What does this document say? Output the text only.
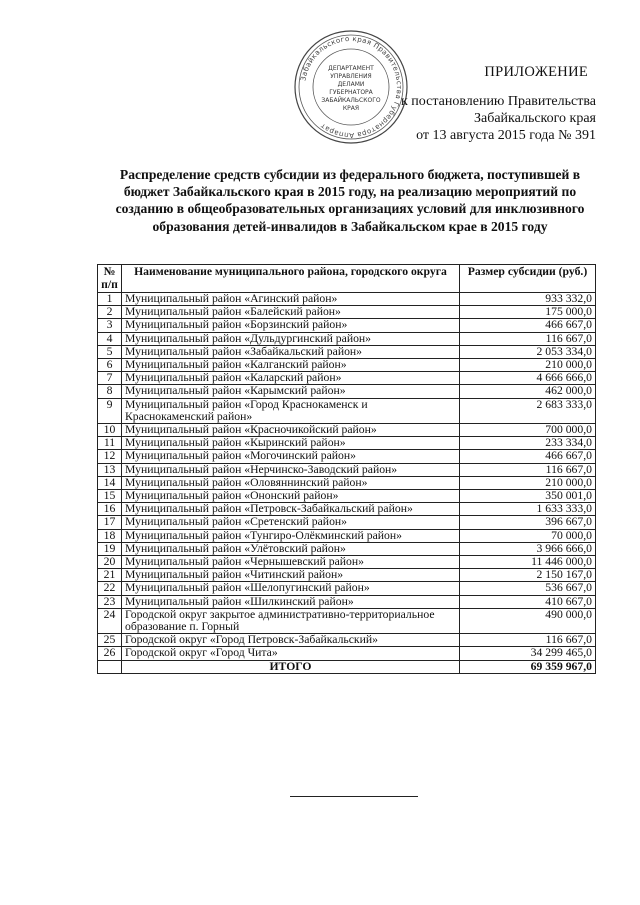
Забайкальского края Правительства Губернатора Аппарат
ДЕПАРТАМЕНТ
УПРАВЛЕНИЯ
ДЕЛАМИ
ГУБЕРНАТОРА
ЗАБАЙКАЛЬСКОГО
КРАЯ
ПРИЛОЖЕНИЕ
к постановлению Правительства
Забайкальского края
от 13 августа 2015 года № 391
Распределение средств субсидии из федерального бюджета, поступившей в бюджет Забайкальского края в 2015 году, на реализацию мероприятий по созданию в общеобразовательных организациях условий для инклюзивного образования детей-инвалидов в Забайкальском крае в 2015 году
№ п/п	Наименование муниципального района, городского округа	Размер субсидии (руб.)
1	Муниципальный район «Агинский район»	933 332,0
2	Муниципальный район «Балейский район»	175 000,0
3	Муниципальный район «Борзинский район»	466 667,0
4	Муниципальный район «Дульдургинский район»	116 667,0
5	Муниципальный район «Забайкальский район»	2 053 334,0
6	Муниципальный район «Калганский район»	210 000,0
7	Муниципальный район «Каларский район»	4 666 666,0
8	Муниципальный район «Карымский район»	462 000,0
9	Муниципальный район «Город Краснокаменск и Краснокаменский район»	2 683 333,0
10	Муниципальный район «Красночикойский район»	700 000,0
11	Муниципальный район «Кыринский район»	233 334,0
12	Муниципальный район «Могочинский район»	466 667,0
13	Муниципальный район «Нерчинско-Заводский район»	116 667,0
14	Муниципальный район «Оловяннинский район»	210 000,0
15	Муниципальный район «Ононский район»	350 001,0
16	Муниципальный район «Петровск-Забайкальский район»	1 633 333,0
17	Муниципальный район «Сретенский район»	396 667,0
18	Муниципальный район «Тунгиро-Олёкминский район»	70 000,0
19	Муниципальный район «Улётовский район»	3 966 666,0
20	Муниципальный район «Чернышевский район»	11 446 000,0
21	Муниципальный район «Читинский район»	2 150 167,0
22	Муниципальный район «Шелопугинский район»	536 667,0
23	Муниципальный район «Шилкинский район»	410 667,0
24	Городской округ закрытое административно-территориальное образование п. Горный	490 000,0
25	Городской округ «Город Петровск-Забайкальский»	116 667,0
26	Городской округ «Город Чита»	34 299 465,0
	ИТОГО	69 359 967,0
